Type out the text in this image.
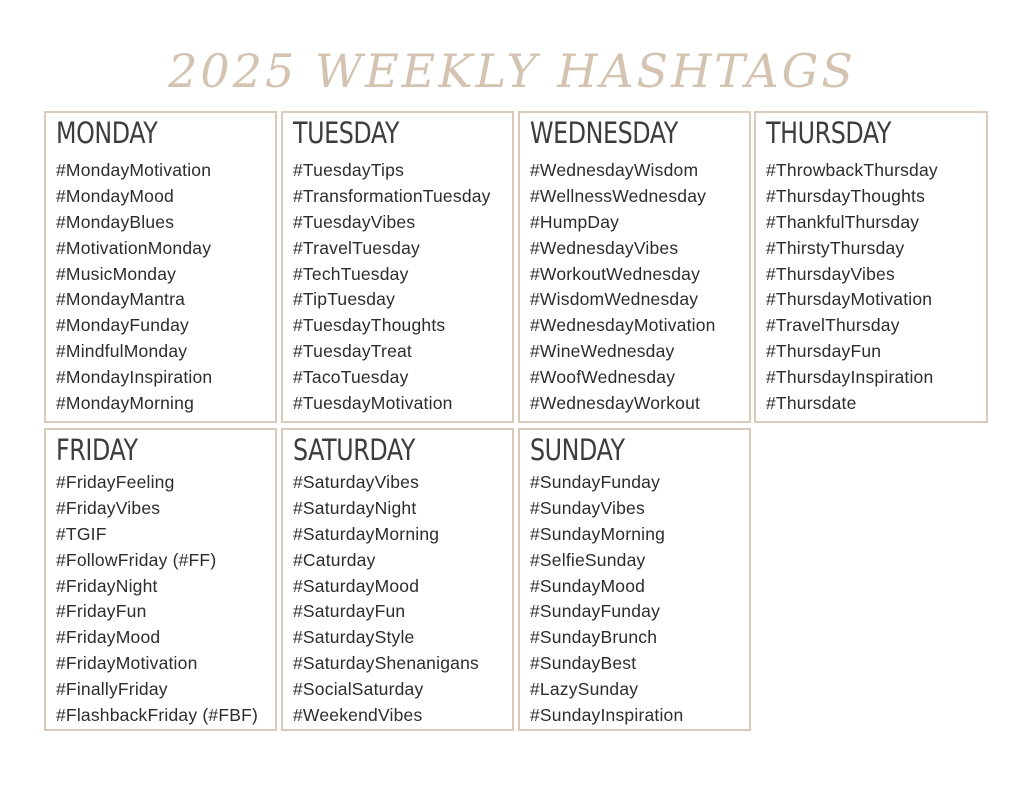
2025 WEEKLY HASHTAGS
MONDAY
#MondayMotivation
#MondayMood
#MondayBlues
#MotivationMonday
#MusicMonday
#MondayMantra
#MondayFunday
#MindfulMonday
#MondayInspiration
#MondayMorning
TUESDAY
#TuesdayTips
#TransformationTuesday
#TuesdayVibes
#TravelTuesday
#TechTuesday
#TipTuesday
#TuesdayThoughts
#TuesdayTreat
#TacoTuesday
#TuesdayMotivation
WEDNESDAY
#WednesdayWisdom
#WellnessWednesday
#HumpDay
#WednesdayVibes
#WorkoutWednesday
#WisdomWednesday
#WednesdayMotivation
#WineWednesday
#WoofWednesday
#WednesdayWorkout
THURSDAY
#ThrowbackThursday
#ThursdayThoughts
#ThankfulThursday
#ThirstyThursday
#ThursdayVibes
#ThursdayMotivation
#TravelThursday
#ThursdayFun
#ThursdayInspiration
#Thursdate
FRIDAY
#FridayFeeling
#FridayVibes
#TGIF
#FollowFriday (#FF)
#FridayNight
#FridayFun
#FridayMood
#FridayMotivation
#FinallyFriday
#FlashbackFriday (#FBF)
SATURDAY
#SaturdayVibes
#SaturdayNight
#SaturdayMorning
#Caturday
#SaturdayMood
#SaturdayFun
#SaturdayStyle
#SaturdayShenanigans
#SocialSaturday
#WeekendVibes
SUNDAY
#SundayFunday
#SundayVibes
#SundayMorning
#SelfieSunday
#SundayMood
#SundayFunday
#SundayBrunch
#SundayBest
#LazySunday
#SundayInspiration
